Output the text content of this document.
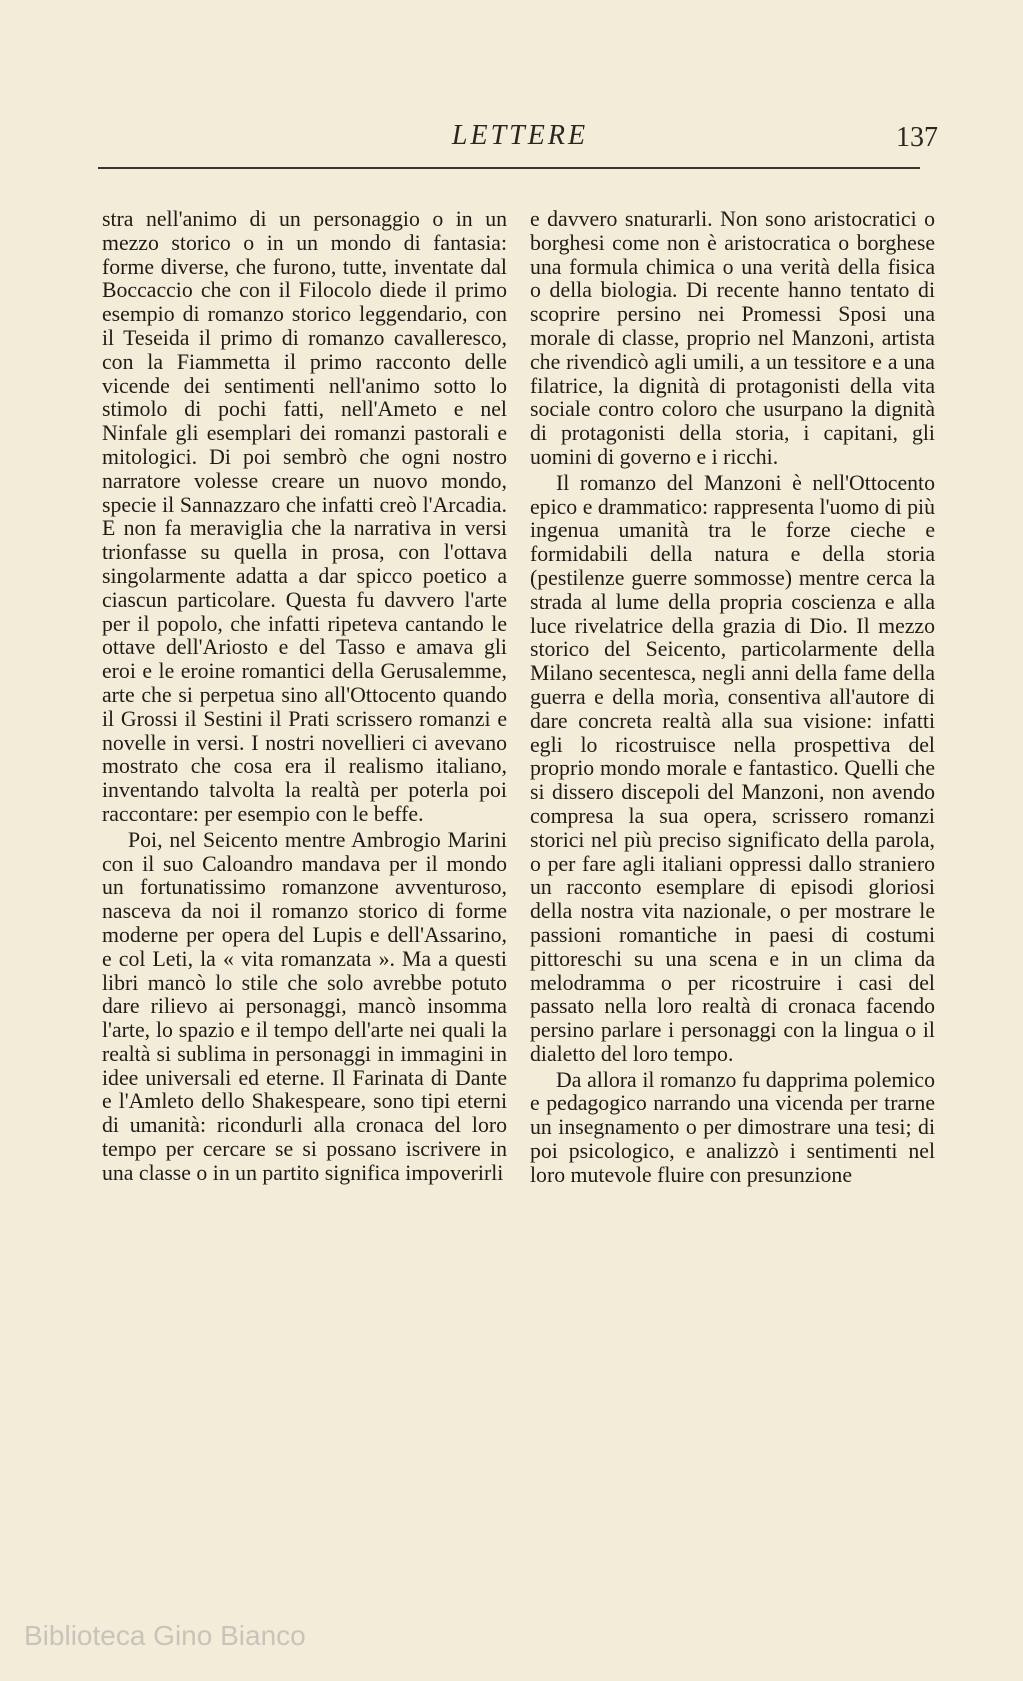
LETTERE	137

stra nell'animo di un personaggio o in un mezzo storico o in un mondo di fantasia: forme diverse, che furono, tutte, inventate dal Boccaccio che con il Filocolo diede il primo esempio di romanzo storico leggendario, con il Teseida il primo di romanzo cavalleresco, con la Fiammetta il primo racconto delle vicende dei sentimenti nell'animo sotto lo stimolo di pochi fatti, nell'Ameto e nel Ninfale gli esemplari dei romanzi pastorali e mitologici. Di poi sembrò che ogni nostro narratore volesse creare un nuovo mondo, specie il Sannazzaro che infatti creò l'Arcadia. E non fa meraviglia che la narrativa in versi trionfasse su quella in prosa, con l'ottava singolarmente adatta a dar spicco poetico a ciascun particolare. Questa fu davvero l'arte per il popolo, che infatti ripeteva cantando le ottave dell'Ariosto e del Tasso e amava gli eroi e le eroine romantici della Gerusalemme, arte che si perpetua sino all'Ottocento quando il Grossi il Sestini il Prati scrissero romanzi e novelle in versi. I nostri novellieri ci avevano mostrato che cosa era il realismo italiano, inventando talvolta la realtà per poterla poi raccontare: per esempio con le beffe.

Poi, nel Seicento mentre Ambrogio Marini con il suo Caloandro mandava per il mondo un fortunatissimo romanzone avventuroso, nasceva da noi il romanzo storico di forme moderne per opera del Lupis e dell'Assarino, e col Leti, la « vita romanzata ». Ma a questi libri mancò lo stile che solo avrebbe potuto dare rilievo ai personaggi, mancò insomma l'arte, lo spazio e il tempo dell'arte nei quali la realtà si sublima in personaggi in immagini in idee universali ed eterne. Il Farinata di Dante e l'Amleto dello Shakespeare, sono tipi eterni di umanità: ricondurli alla cronaca del loro tempo per cercare se si possano iscrivere in una classe o in un partito significa impoverirli

e davvero snaturarli. Non sono aristocratici o borghesi come non è aristocratica o borghese una formula chimica o una verità della fisica o della biologia. Di recente hanno tentato di scoprire persino nei Promessi Sposi una morale di classe, proprio nel Manzoni, artista che rivendicò agli umili, a un tessitore e a una filatrice, la dignità di protagonisti della vita sociale contro coloro che usurpano la dignità di protagonisti della storia, i capitani, gli uomini di governo e i ricchi.

Il romanzo del Manzoni è nell'Ottocento epico e drammatico: rappresenta l'uomo di più ingenua umanità tra le forze cieche e formidabili della natura e della storia (pestilenze guerre sommosse) mentre cerca la strada al lume della propria coscienza e alla luce rivelatrice della grazia di Dio. Il mezzo storico del Seicento, particolarmente della Milano secentesca, negli anni della fame della guerra e della morìa, consentiva all'autore di dare concreta realtà alla sua visione: infatti egli lo ricostruisce nella prospettiva del proprio mondo morale e fantastico. Quelli che si dissero discepoli del Manzoni, non avendo compresa la sua opera, scrissero romanzi storici nel più preciso significato della parola, o per fare agli italiani oppressi dallo straniero un racconto esemplare di episodi gloriosi della nostra vita nazionale, o per mostrare le passioni romantiche in paesi di costumi pittoreschi su una scena e in un clima da melodramma o per ricostruire i casi del passato nella loro realtà di cronaca facendo persino parlare i personaggi con la lingua o il dialetto del loro tempo.

Da allora il romanzo fu dapprima polemico e pedagogico narrando una vicenda per trarne un insegnamento o per dimostrare una tesi; di poi psicologico, e analizzò i sentimenti nel loro mutevole fluire con presunzione

Biblioteca Gino Bianco
